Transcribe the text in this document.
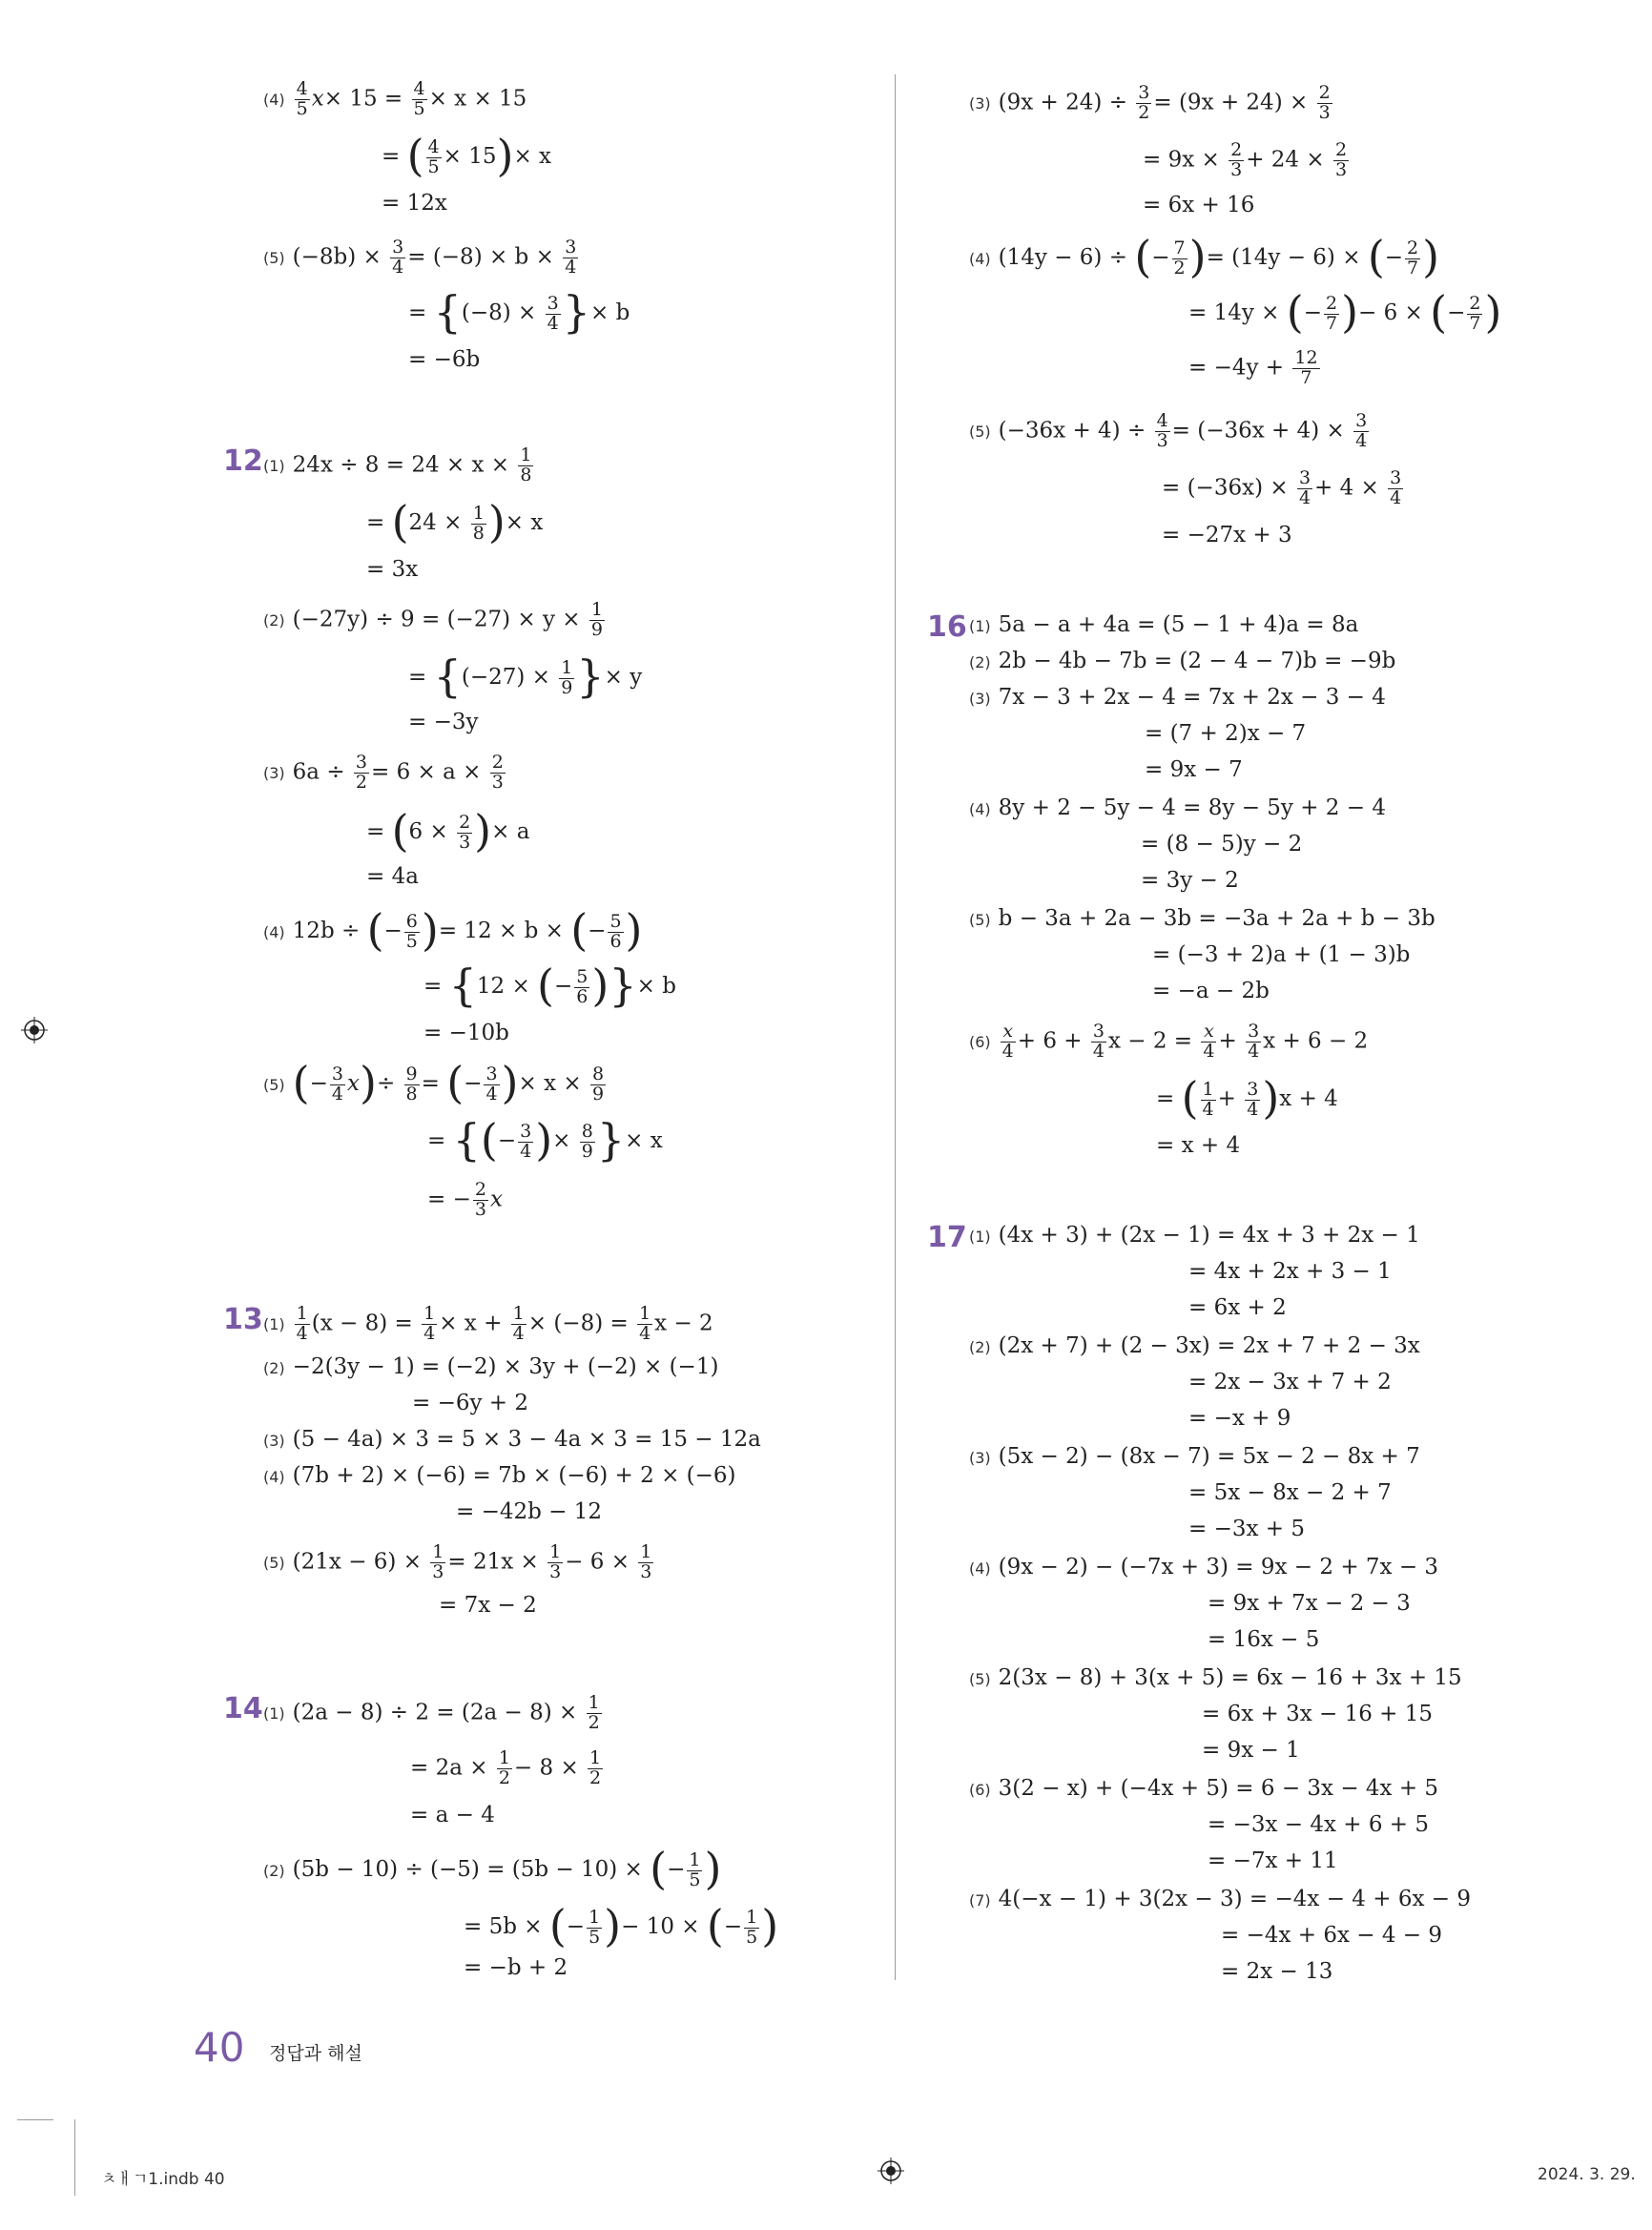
$(4) \frac{4}{5} x\times 15 = \frac{4}{5} \times x \times 15$
= ( $\frac{4}{5} \times 15)\times x$
= 12x
(5) $(-8b) \times \frac{3}{4} = (-8) \times b \times \frac{3}{4}$
= {$(-8) \times \frac{3}{4}$ }× b
= −6b
12 (1) $24x \div 8 = 24 \times x \times \frac{1}{8}$
= ($24 \times \frac{1}{8}$ )× x
= 3x
(2) $(-27y) \div 9 = (-27) \times y \times \frac{1}{9}$
= {$(-27) \times \frac{1}{9}$ }× y
= −3y
(3) $6a \div \frac{3}{2} = 6 \times a \times \frac{2}{3}$
= ($6 \times \frac{2}{3}$ )× a
= 4a
(4) 12b ÷ (− $\frac{6}{5}$ )= 12 × b × (− $\frac{5}{6}$ )
= {12 × (− $\frac{5}{6}$ )}× b
= −10b
(5) (− $\frac{3}{4} x)\div \frac{9}{8}$ = (− $\frac{3}{4}$ )× $x \times \frac{8}{9}$
= {(− $\frac{3}{4}$ )× $\frac{8}{9}$ }× x
= − $\frac{2}{3}$ x
13 $(1) \frac{1}{4} (x - 8) = \frac{1}{4} \times x + \frac{1}{4} \times (-8) = \frac{1}{4}$ x − 2
(2) −2(3y − 1) = (−2) × 3y + (−2) × (−1)
= −6y + 2
(3) (5 − 4a) × 3 = 5 × 3 − 4a × 3 = 15 − 12a
(4) (7b + 2) × (−6) = 7b × (−6) + 2 × (−6)
= −42b − 12
(5) $(21x - 6) \times \frac{1}{3} = 21x \times \frac{1}{3} - 6 \times \frac{1}{3}$
= 7x − 2
14 (1) $(2a - 8) \div 2 = (2a - 8) \times \frac{1}{2}$
= $2a \times \frac{1}{2} - 8 \times \frac{1}{2}$
= a − 4
(2) (5b − 10) ÷ (−5) = (5b − 10) × (− $\frac{1}{5}$ )
= 5b × (− $\frac{1}{5}$ )− 10 × (− $\frac{1}{5}$ )
= −b + 2
(3) $(9x + 24) \div \frac{3}{2} = (9x + 24) \times \frac{2}{3}$
= $9x \times \frac{2}{3} + 24 \times \frac{2}{3}$
= 6x + 16
(4) (14y − 6) ÷ (− $\frac{7}{2}$ )= (14y − 6) × (− $\frac{2}{7}$ )
= 14y × (− $\frac{2}{7}$ )− 6 × (− $\frac{2}{7}$ )
= $-4y + \frac{12}{7}$
(5) $(-36x + 4) \div \frac{4}{3} = (-36x + 4) \times \frac{3}{4}$
= $(-36x) \times \frac{3}{4} + 4 \times \frac{3}{4}$
= −27x + 3
16 (1) 5a − a + 4a = (5 − 1 + 4)a = 8a
(2) 2b − 4b − 7b = (2 − 4 − 7)b = −9b
(3) 7x − 3 + 2x − 4 = 7x + 2x − 3 − 4
= (7 + 2)x − 7
= 9x − 7
(4) 8y + 2 − 5y − 4 = 8y − 5y + 2 − 4
= (8 − 5)y − 2
= 3y − 2
(5) b − 3a + 2a − 3b = −3a + 2a + b − 3b
= (−3 + 2)a + (1 − 3)b
= −a − 2b
$(6) \frac{x}{4} + 6 + \frac{3}{4}$ $x - 2 = \frac{x}{4} + \frac{3}{4}$ x + 6 − 2
= ( $\frac{1}{4} + \frac{3}{4} )x + 4$
= x + 4
17 (1) (4x + 3) + (2x − 1) = 4x + 3 + 2x − 1
= 4x + 2x + 3 − 1
= 6x + 2
(2) (2x + 7) + (2 − 3x) = 2x + 7 + 2 − 3x
= 2x − 3x + 7 + 2
= −x + 9
(3) (5x − 2) − (8x − 7) = 5x − 2 − 8x + 7
= 5x − 8x − 2 + 7
= −3x + 5
(4) (9x − 2) − (−7x + 3) = 9x − 2 + 7x − 3
= 9x + 7x − 2 − 3
= 16x − 5
(5) 2(3x − 8) + 3(x + 5) = 6x − 16 + 3x + 15
= 6x + 3x − 16 + 15
= 9x − 1
(6) 3(2 − x) + (−4x + 5) = 6 − 3x − 4x + 5
= −3x − 4x + 6 + 5
= −7x + 11
(7) 4(−x − 1) + 3(2x − 3) = −4x − 4 + 6x − 9
= −4x + 6x − 4 − 9
= 2x − 13
40 정답과 해설
ㅊㅐㄱ1.indb 40	2024. 3. 29.
